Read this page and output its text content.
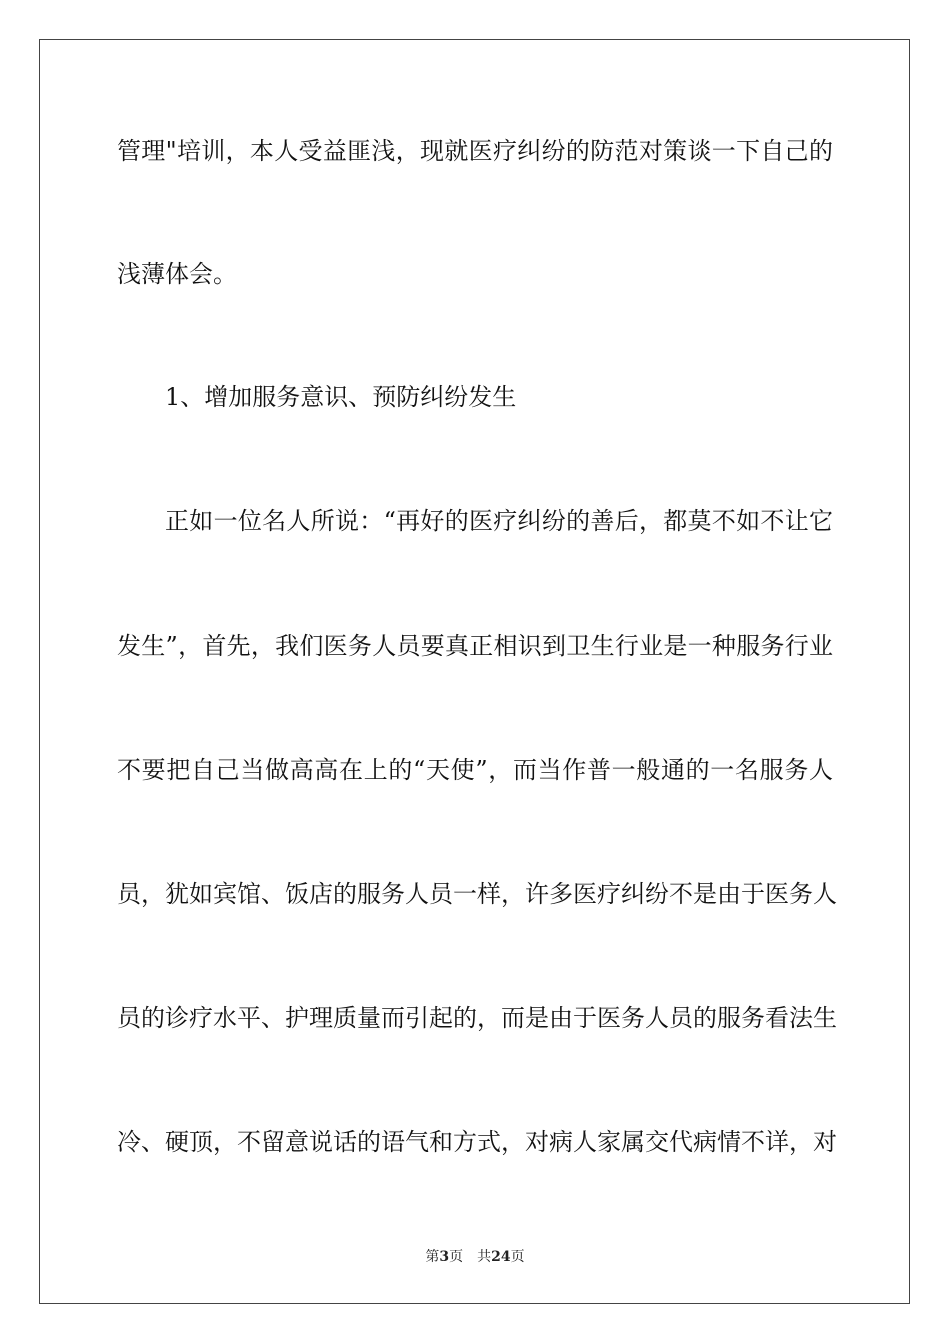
管理"培训，本人受益匪浅，现就医疗纠纷的防范对策谈一下自己的
浅薄体会。
1、增加服务意识、预防纠纷发生
正如一位名人所说：“再好的医疗纠纷的善后，都莫不如不让它
发生”，首先，我们医务人员要真正相识到卫生行业是一种服务行业
不要把自己当做高高在上的“天使”，而当作普一般通的一名服务人
员，犹如宾馆、饭店的服务人员一样，许多医疗纠纷不是由于医务人
员的诊疗水平、护理质量而引起的，而是由于医务人员的服务看法生
冷、硬顶，不留意说话的语气和方式，对病人家属交代病情不详，对
第3页 共24页
